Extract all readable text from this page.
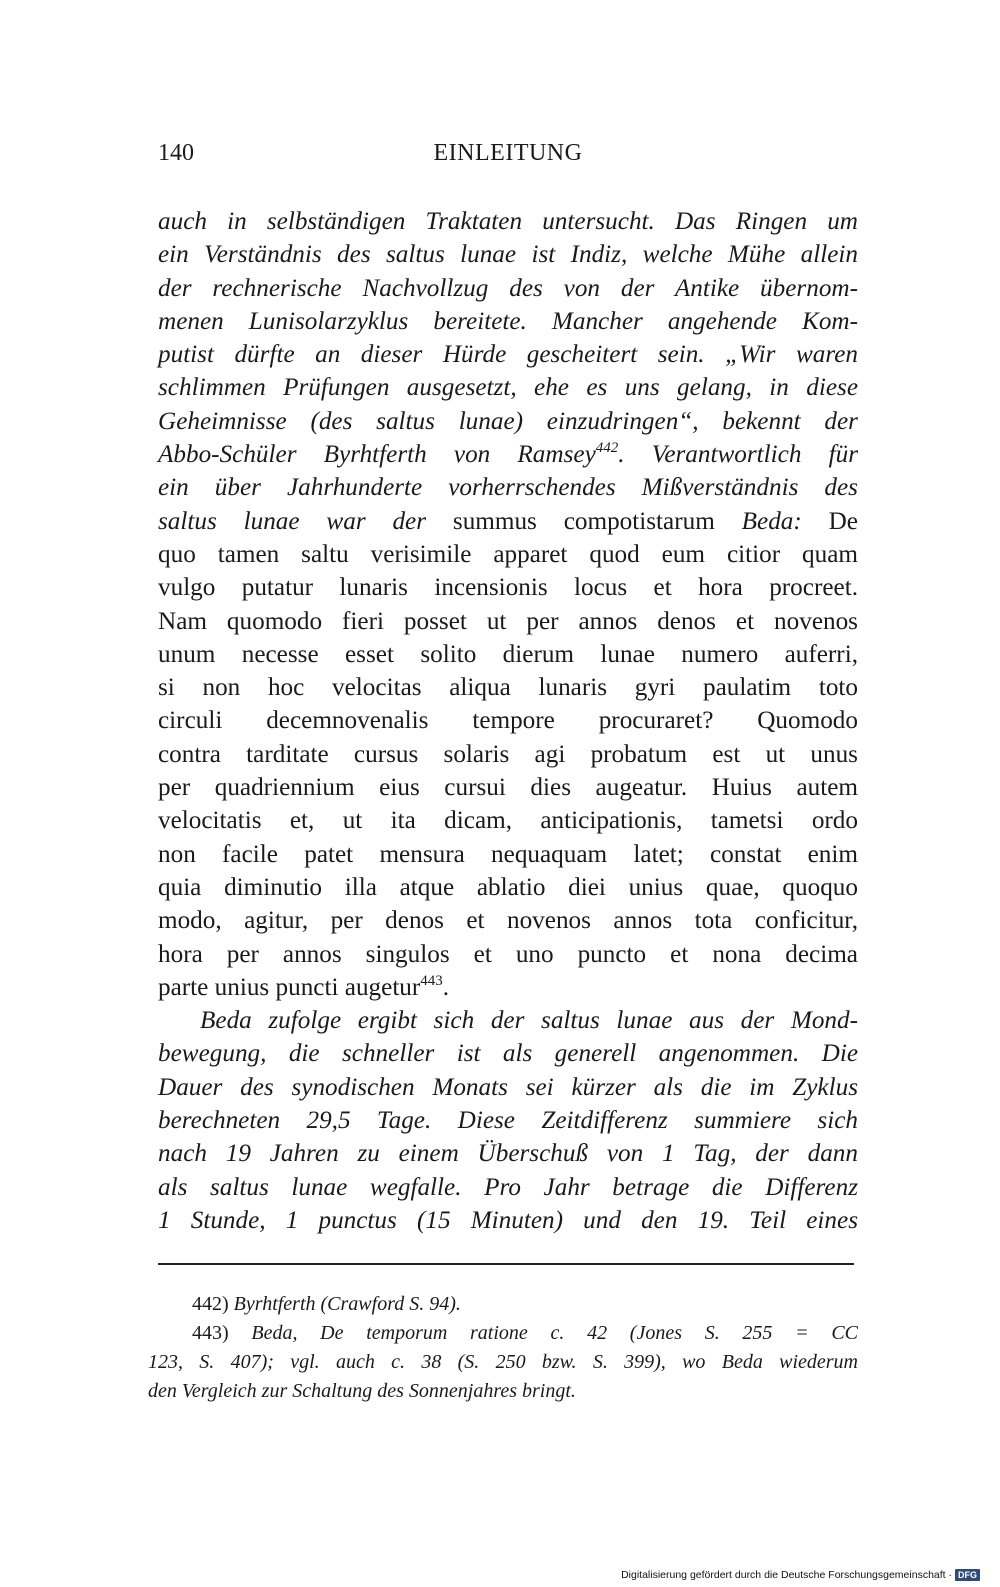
140	EINLEITUNG
auch in selbständigen Traktaten untersucht. Das Ringen um
ein Verständnis des saltus lunae ist Indiz, welche Mühe allein
der rechnerische Nachvollzug des von der Antike übernom-
menen Lunisolarzyklus bereitete. Mancher angehende Kom-
putist dürfte an dieser Hürde gescheitert sein. „Wir waren
schlimmen Prüfungen ausgesetzt, ehe es uns gelang, in diese
Geheimnisse (des saltus lunae) einzudringen“, bekennt der
Abbo-Schüler Byrhtferth von Ramsey$^{442}$. Verantwortlich für
ein über Jahrhunderte vorherrschendes Mißverständnis des
saltus lunae war der summus compotistarum Beda: De
quo tamen saltu verisimile apparet quod eum citior quam
vulgo putatur lunaris incensionis locus et hora procreet.
Nam quomodo fieri posset ut per annos denos et novenos
unum necesse esset solito dierum lunae numero auferri,
si non hoc velocitas aliqua lunaris gyri paulatim toto
circuli decemnovenalis tempore procuraret? Quomodo
contra tarditate cursus solaris agi probatum est ut unus
per quadriennium eius cursui dies augeatur. Huius autem
velocitatis et, ut ita dicam, anticipationis, tametsi ordo
non facile patet mensura nequaquam latet; constat enim
quia diminutio illa atque ablatio diei unius quae, quoquo
modo, agitur, per denos et novenos annos tota conficitur,
hora per annos singulos et uno puncto et nona decima
parte unius puncti augetur$^{443}$.
Beda zufolge ergibt sich der saltus lunae aus der Mond-
bewegung, die schneller ist als generell angenommen. Die
Dauer des synodischen Monats sei kürzer als die im Zyklus
berechneten 29,5 Tage. Diese Zeitdifferenz summiere sich
nach 19 Jahren zu einem Überschuß von 1 Tag, der dann
als saltus lunae wegfalle. Pro Jahr betrage die Differenz
1 Stunde, 1 punctus (15 Minuten) und den 19. Teil eines
442) Byrhtferth (Crawford S. 94).
443) Beda, De temporum ratione c. 42 (Jones S. 255 = CC
123, S. 407); vgl. auch c. 38 (S. 250 bzw. S. 399), wo Beda wiederum
den Vergleich zur Schaltung des Sonnenjahres bringt.
Digitalisierung gefördert durch die Deutsche Forschungsgemeinschaft · DFG
